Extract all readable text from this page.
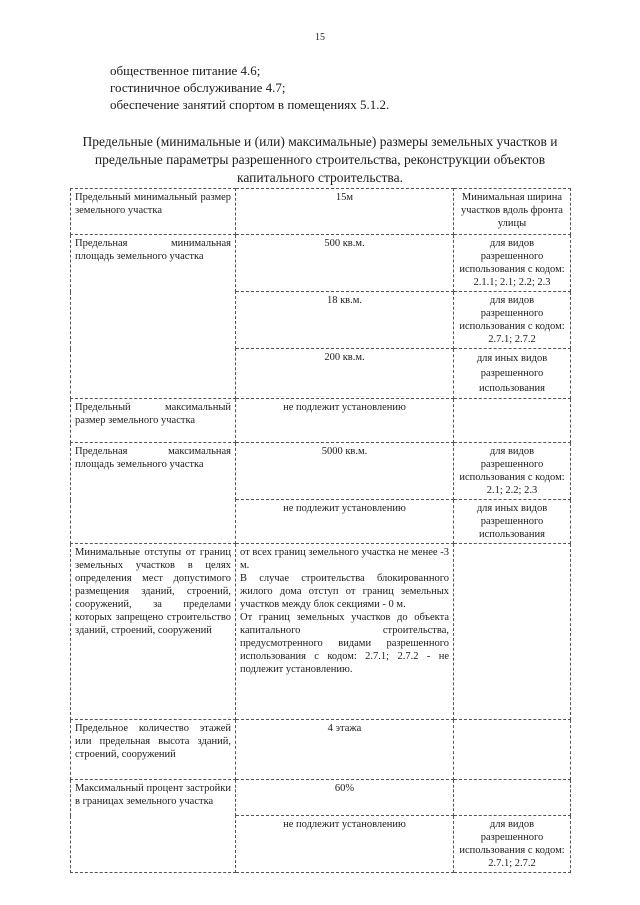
15
общественное питание 4.6;
гостиничное обслуживание 4.7;
обеспечение занятий спортом в помещениях 5.1.2.
Предельные (минимальные и (или) максимальные) размеры земельных участков и предельные параметры разрешенного строительства, реконструкции объектов капитального строительства.
Предельный минимальный размер земельного участка	15м	Минимальная ширина участков вдоль фронта улицы
Предельная минимальная площадь земельного участка	500 кв.м.	для видов разрешенного использования с кодом: 2.1.1; 2.1; 2.2; 2.3
	18 кв.м.	для видов разрешенного использования с кодом: 2.7.1; 2.7.2
	200 кв.м.	для иных видов разрешенного использования
Предельный максимальный размер земельного участка	не подлежит установлению	
Предельная максимальная площадь земельного участка	5000 кв.м.	для видов разрешенного использования с кодом: 2.1; 2.2; 2.3
	не подлежит установлению	для иных видов разрешенного использования
Минимальные отступы от границ земельных участков в целях определения мест допустимого размещения зданий, строений, сооружений, за пределами которых запрещено строительство зданий, строений, сооружений	от всех границ земельного участка не менее -3 м.
В случае строительства блокированного жилого дома отступ от границ земельных участков между блок секциями - 0 м.
От границ земельных участков до объекта капитального строительства, предусмотренного видами разрешенного использования с кодом: 2.7.1; 2.7.2 - не подлежит установлению.	

Предельное количество этажей или предельная высота зданий, строений, сооружений	4 этажа	
Максимальный процент застройки в границах земельного участка	60%	
	не подлежит установлению	для видов разрешенного использования с кодом: 2.7.1; 2.7.2
